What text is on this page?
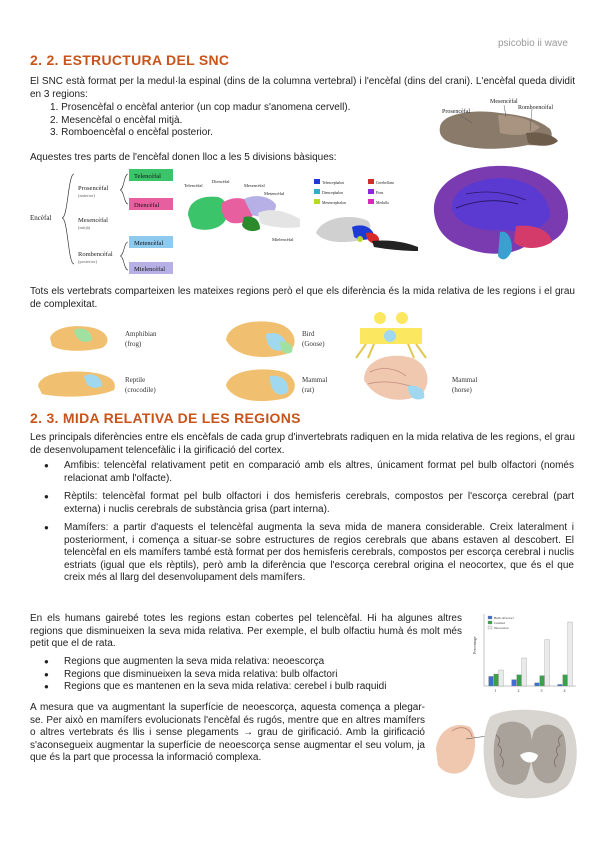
psicobio ii wave
2. 2. ESTRUCTURA DEL SNC
El SNC està format per la medul·la espinal (dins de la columna vertebral) i l'encèfal (dins del crani). L'encèfal queda dividit en 3 regions:
1. Prosencèfal o encèfal anterior (un cop madur s'anomena cervell).
2. Mesencèfal o encèfal mitjà.
3. Romboencèfal o encèfal posterior.
Aquestes tres parts de l'encèfal donen lloc a les 5 divisions bàsiques:
Prosencèfal
Mesencèfal
Romboencèfal
Encèfal
Prosencèfal
(anterior)
Mesencèfal
(mitjà)
Rombencèfal
(posterior)
Telencèfal
Diencèfal
Metencèfal
Mielencèfal
Telencèfal
Diencèfal
Mesencèfal
Metencèfal
Mielencèfal
Telencephalon
Diencephalon
Mesencephalon
Cerebellum
Pons
Medulla
Tots els vertebrats comparteixen les mateixes regions però el que els diferència és la mida relativa de les regions i el grau de complexitat.
Amphibian
(frog)
Bird
(Goose)
Reptile
(crocodile)
Mammal
(rat)
Mammal
(horse)
2. 3. MIDA RELATIVA DE LES REGIONS
Les principals diferències entre els encèfals de cada grup d'invertebrats radiquen en la mida relativa de les regions, el grau de desenvolupament telencefàlic i la girificació del cortex.
● Amfibis: telencèfal relativament petit en comparació amb els altres, únicament format pel bulb olfactori (només relacionat amb l'olfacte).
● Rèptils: telencèfal format pel bulb olfactori i dos hemisferis cerebrals, compostos per l'escorça cerebral (part externa) i nuclis cerebrals de substància grisa (part interna).
● Mamífers: a partir d'aquests el telencèfal augmenta la seva mida de manera considerable. Creix lateralment i posteriorment, i comença a situar-se sobre estructures de regios cerebrals que abans estaven al descobert. El telencèfal en els mamífers també està format per dos hemisferis cerebrals, compostos per escorça cerebral i nuclis estriats (igual que els rèptils), però amb la diferència que l'escorça cerebral origina el neocortex, que és el que creix més al llarg del desenvolupament dels mamífers.
En els humans gairebé totes les regions estan cobertes pel telencèfal. Hi ha algunes altres regions que disminueixen la seva mida relativa. Per exemple, el bulb olfactiu humà és molt més petit que el de rata.
● Regions que augmenten la seva mida relativa: neoescorça
● Regions que disminueixen la seva mida relativa: bulb olfactori
● Regions que es mantenen en la seva mida relativa: cerebel i bulb raquidi
Percentage
Bulb olfactori
Cerebel
Neocortex
1	2	3	4
A mesura que va augmentant la superfície de neoescorça, aquesta comença a plegar-se. Per això en mamífers evolucionats l'encèfal és rugós, mentre que en altres mamífers o altres vertebrats és llis i sense plegaments → grau de girificació. Amb la girificació s'aconsegueix augmentar la superfície de neoescorça sense augmentar el seu volum, ja que és la part que processa la informació complexa.
